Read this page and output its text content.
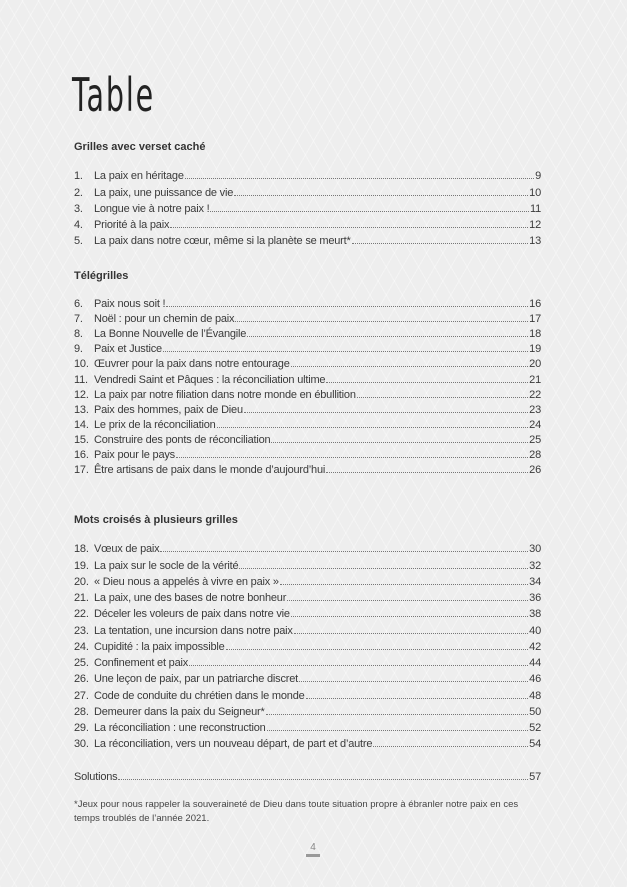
Table
Grilles avec verset caché
1. La paix en héritage	9
2. La paix, une puissance de vie	10
3. Longue vie à notre paix !	11
4. Priorité à la paix	12
5. La paix dans notre cœur, même si la planète se meurt*	13
Télégrilles
6. Paix nous soit !	16
7. Noël : pour un chemin de paix	17
8. La Bonne Nouvelle de l’Évangile	18
9. Paix et Justice	19
10. Œuvrer pour la paix dans notre entourage	20
11. Vendredi Saint et Pâques : la réconciliation ultime	21
12. La paix par notre filiation dans notre monde en ébullition	22
13. Paix des hommes, paix de Dieu	23
14. Le prix de la réconciliation	24
15. Construire des ponts de réconciliation	25
16. Paix pour le pays	28
17. Être artisans de paix dans le monde d’aujourd’hui	26
Mots croisés à plusieurs grilles
18. Vœux de paix	30
19. La paix sur le socle de la vérité	32
20. « Dieu nous a appelés à vivre en paix »	34
21. La paix, une des bases de notre bonheur	36
22. Déceler les voleurs de paix dans notre vie	38
23. La tentation, une incursion dans notre paix	40
24. Cupidité : la paix impossible	42
25. Confinement et paix	44
26. Une leçon de paix, par un patriarche discret	46
27. Code de conduite du chrétien dans le monde	48
28. Demeurer dans la paix du Seigneur*	50
29. La réconciliation : une reconstruction	52
30. La réconciliation, vers un nouveau départ, de part et d’autre	54
Solutions	57
*Jeux pour nous rappeler la souveraineté de Dieu dans toute situation propre à ébranler notre paix en ces temps troublés de l’année 2021.
4
